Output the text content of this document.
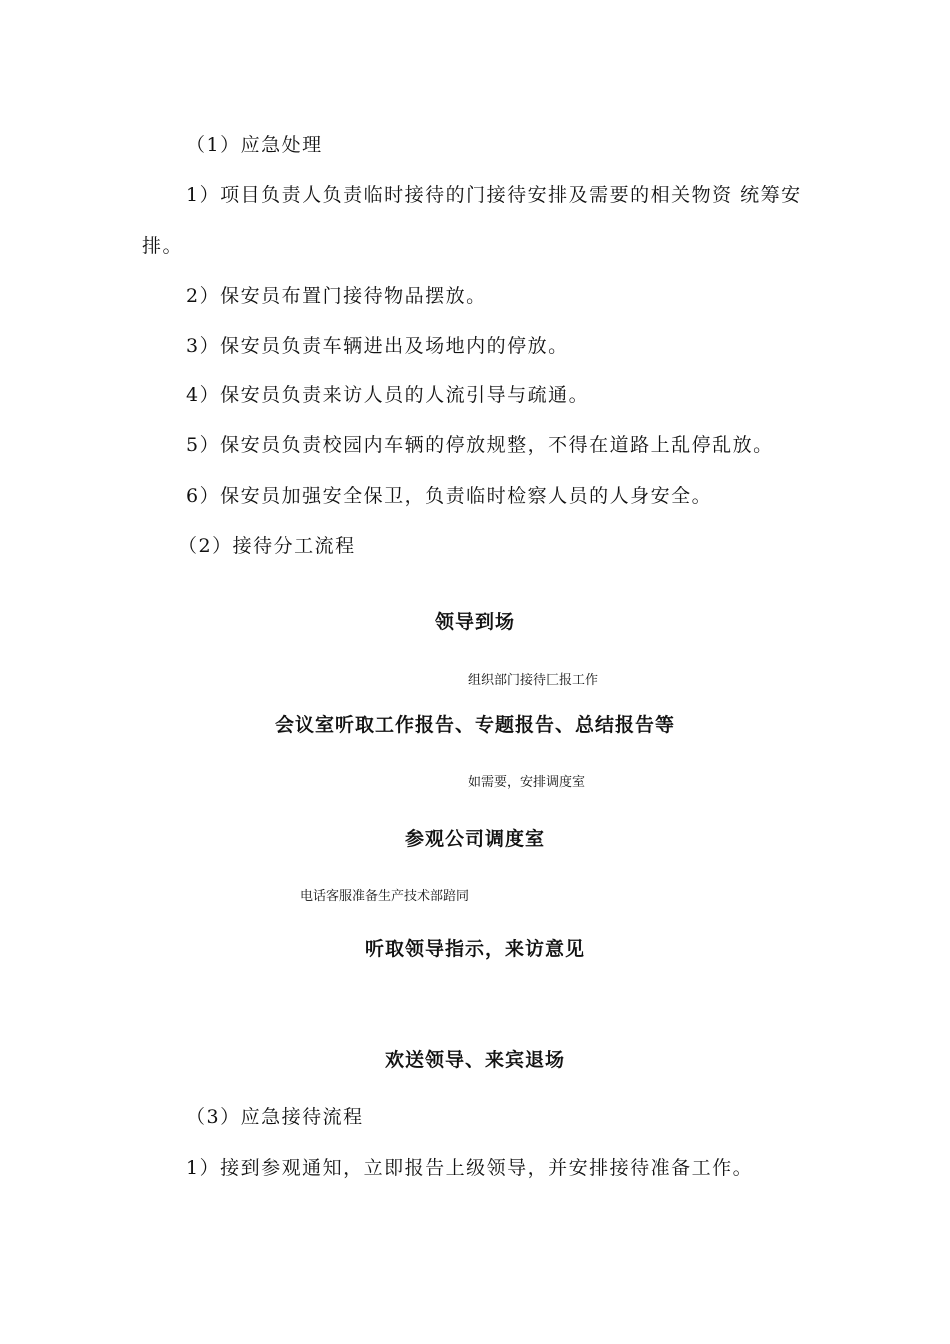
（1）应急处理
1）项目负责人负责临时接待的门接待安排及需要的相关物资 统筹安
排。
2）保安员布置门接待物品摆放。
3）保安员负责车辆进出及场地内的停放。
4）保安员负责来访人员的人流引导与疏通。
5）保安员负责校园内车辆的停放规整，不得在道路上乱停乱放。
6）保安员加强安全保卫，负责临时检察人员的人身安全。
（2）接待分工流程
领导到场
组织部门接待匚报工作
会议室听取工作报告、专题报告、总结报告等
如需要，安排调度室
参观公司调度室
电话客服准备生产技术部踣同
听取领导指示，来访意见
欢送领导、来宾退场
（3）应急接待流程
1）接到参观通知，立即报告上级领导，并安排接待准备工作。
